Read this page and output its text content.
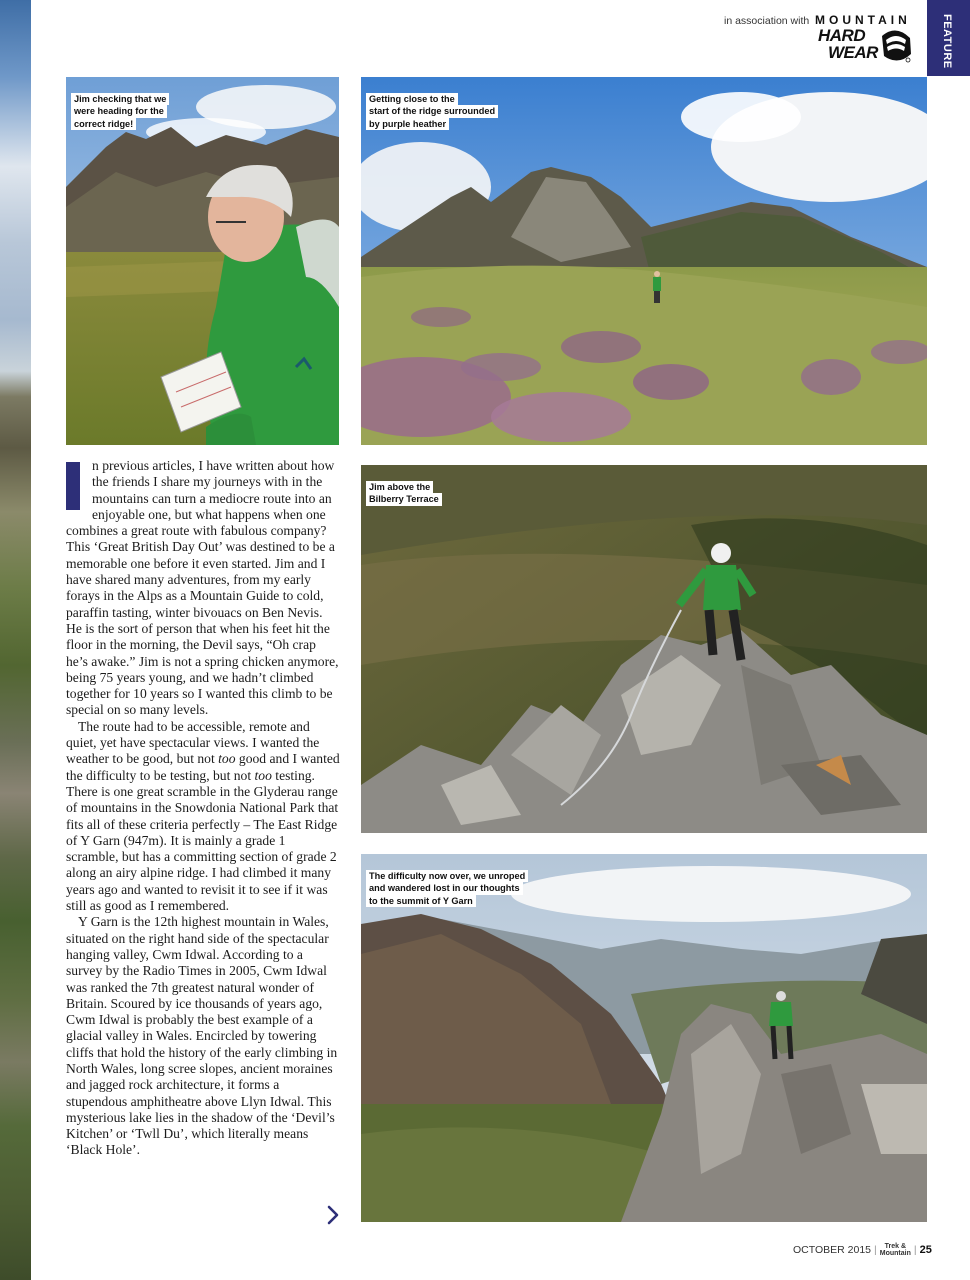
in association with MOUNTAIN
HARD
WEAR	FEATURE
Jim checking that we
were heading for the
correct ridge!
Getting close to the
start of the ridge surrounded
by purple heather
Jim above the
Bilberry Terrace
The difficulty now over, we unroped
and wandered lost in our thoughts
to the summit of Y Garn

n previous articles, I have written about how the friends I share my journeys with in the mountains can turn a mediocre route into an enjoyable one, but what happens when one combines a great route with fabulous company? This ‘Great British Day Out’ was destined to be a memorable one before it even started. Jim and I have shared many adventures, from my early forays in the Alps as a Mountain Guide to cold, paraffin tasting, winter bivouacs on Ben Nevis. He is the sort of person that when his feet hit the floor in the morning, the Devil says, “Oh crap he’s awake.” Jim is not a spring chicken anymore, being 75 years young, and we hadn’t climbed together for 10 years so I wanted this climb to be special on so many levels.

The route had to be accessible, remote and quiet, yet have spectacular views. I wanted the weather to be good, but not too good and I wanted the difficulty to be testing, but not too testing. There is one great scramble in the Glyderau range of mountains in the Snowdonia National Park that fits all of these criteria perfectly – The East Ridge of Y Garn (947m). It is mainly a grade 1 scramble, but has a committing section of grade 2 along an airy alpine ridge. I had climbed it many years ago and wanted to revisit it to see if it was still as good as I remembered.

Y Garn is the 12th highest mountain in Wales, situated on the right hand side of the spectacular hanging valley, Cwm Idwal. According to a survey by the Radio Times in 2005, Cwm Idwal was ranked the 7th greatest natural wonder of Britain. Scoured by ice thousands of years ago, Cwm Idwal is probably the best example of a glacial valley in Wales. Encircled by towering cliffs that hold the history of the early climbing in North Wales, long scree slopes, ancient moraines and jagged rock architecture, it forms a stupendous amphitheatre above Llyn Idwal. This mysterious lake lies in the shadow of the ‘Devil’s Kitchen’ or ‘Twll Du’, which literally means ‘Black Hole’.

OCTOBER 2015 | Trek &
Mountain | 25
